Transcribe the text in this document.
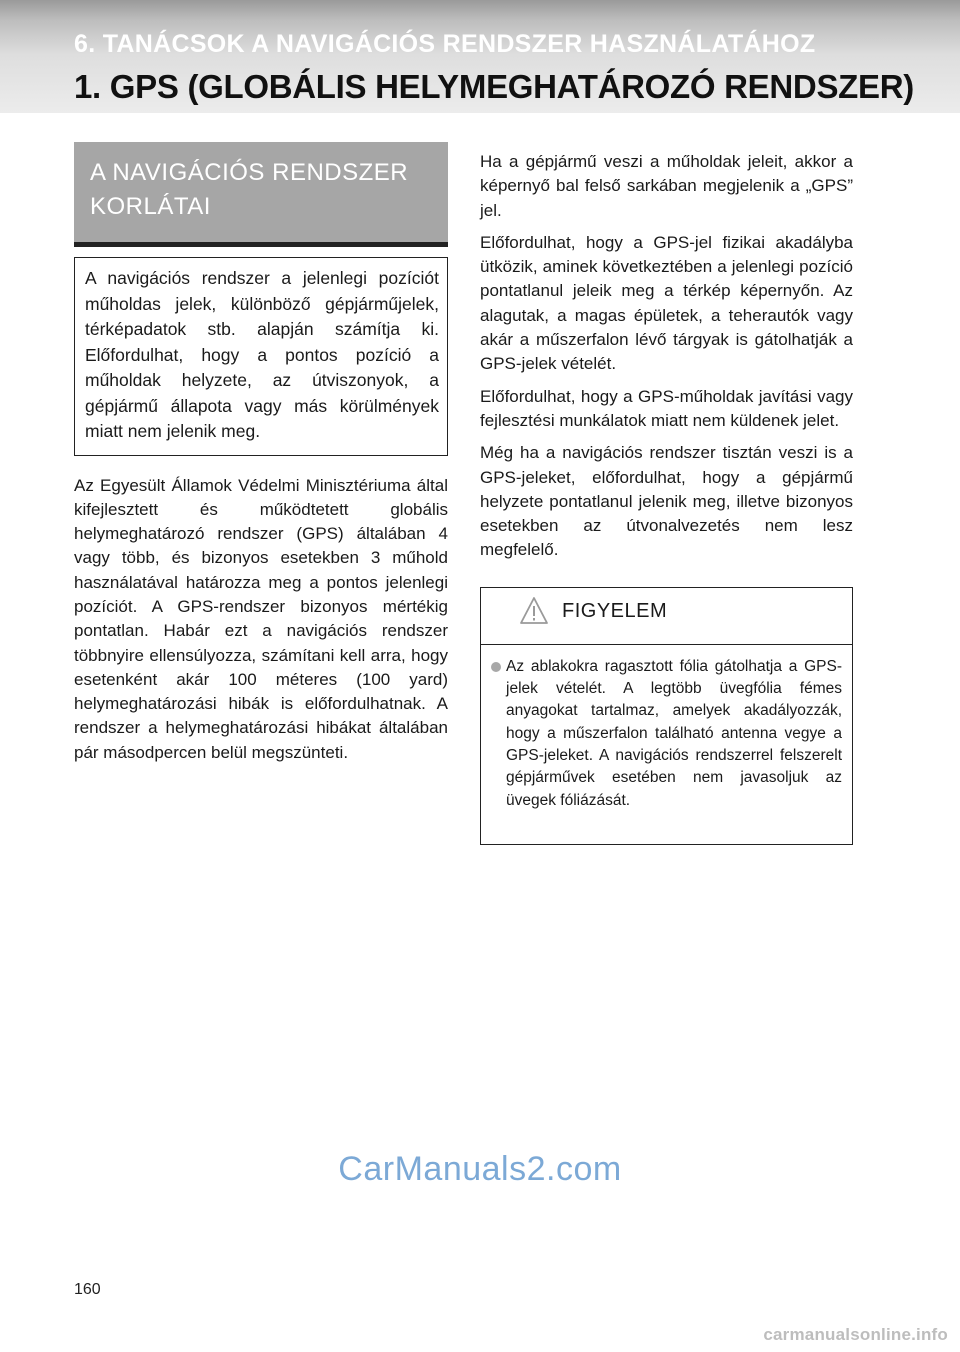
6. TANÁCSOK A NAVIGÁCIÓS RENDSZER HASZNÁLATÁHOZ
1. GPS (GLOBÁLIS HELYMEGHATÁROZÓ RENDSZER)
A NAVIGÁCIÓS RENDSZER KORLÁTAI
A navigációs rendszer a jelenlegi pozíciót műholdas jelek, különböző gépjárműjelek, térképadatok stb. alapján számítja ki. Előfordulhat, hogy a pontos pozíció a műholdak helyzete, az útviszonyok, a gépjármű állapota vagy más körülmények miatt nem jelenik meg.

Az Egyesült Államok Védelmi Minisztériuma által kifejlesztett és működtetett globális helymeghatározó rendszer (GPS) általában 4 vagy több, és bizonyos esetekben 3 műhold használatával határozza meg a pontos jelenlegi pozíciót. A GPS-rendszer bizonyos mértékig pontatlan. Habár ezt a navigációs rendszer többnyire ellensúlyozza, számítani kell arra, hogy esetenként akár 100 méteres (100 yard) helymeghatározási hibák is előfordulhatnak. A rendszer a helymeghatározási hibákat általában pár másodpercen belül megszünteti.

Ha a gépjármű veszi a műholdak jeleit, akkor a képernyő bal felső sarkában megjelenik a „GPS” jel.

Előfordulhat, hogy a GPS-jel fizikai akadályba ütközik, aminek következtében a jelenlegi pozíció pontatlanul jeleik meg a térkép képernyőn. Az alagutak, a magas épületek, a teherautók vagy akár a műszerfalon lévő tárgyak is gátolhatják a GPS-jelek vételét.

Előfordulhat, hogy a GPS-műholdak javítási vagy fejlesztési munkálatok miatt nem küldenek jelet.

Még ha a navigációs rendszer tisztán veszi is a GPS-jeleket, előfordulhat, hogy a gépjármű helyzete pontatlanul jelenik meg, illetve bizonyos esetekben az útvonalvezetés nem lesz megfelelő.

FIGYELEM
Az ablakokra ragasztott fólia gátolhatja a GPS-jelek vételét. A legtöbb üvegfólia fémes anyagokat tartalmaz, amelyek akadályozzák, hogy a műszerfalon található antenna vegye a GPS-jeleket. A navigációs rendszerrel felszerelt gépjárművek esetében nem javasoljuk az üvegek fóliázását.
CarManuals2.com
160
carmanualsonline.info
